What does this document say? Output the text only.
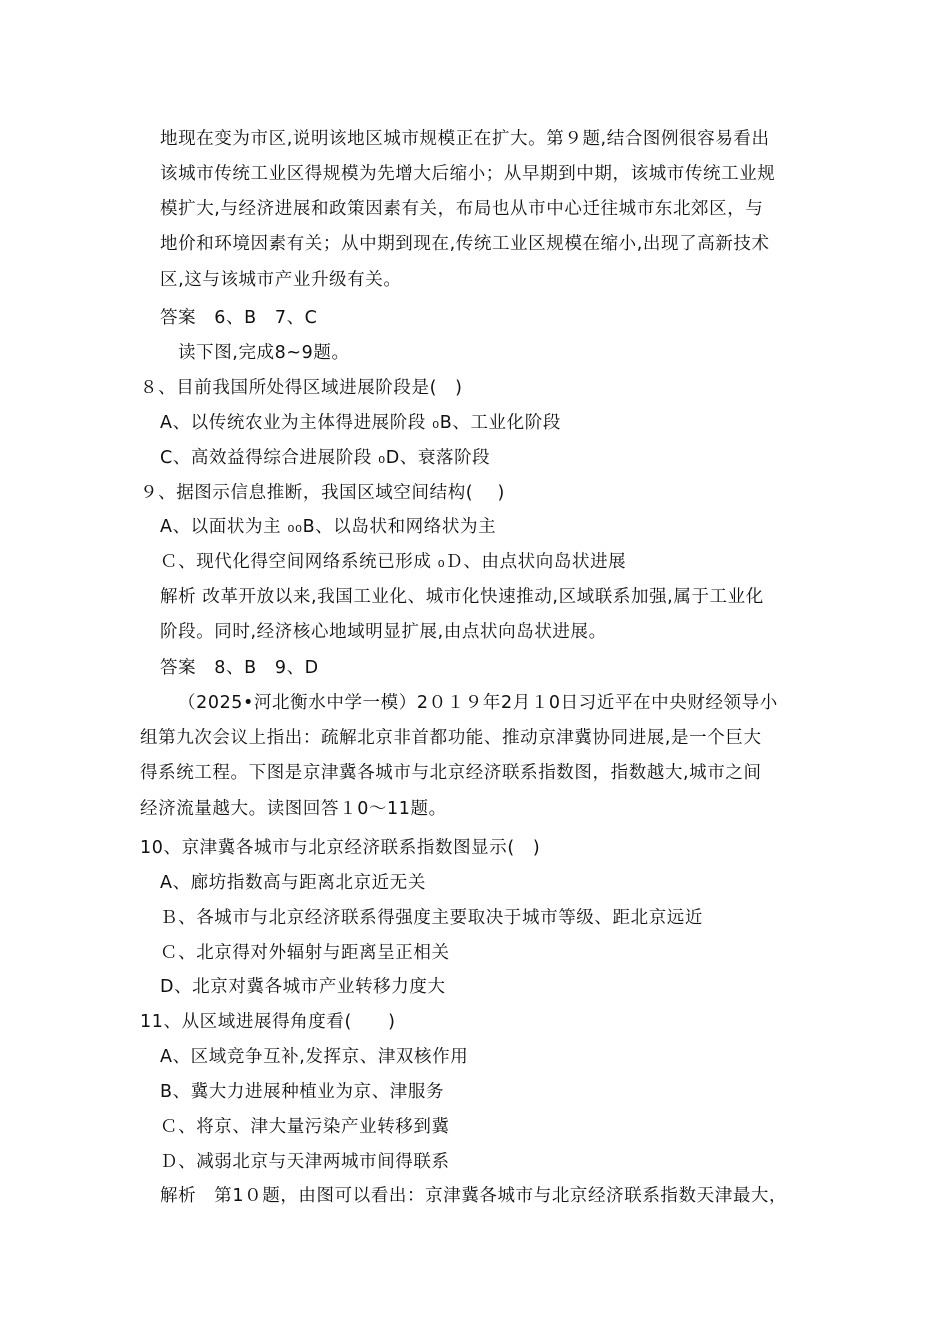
地现在变为市区,说明该地区城市规模正在扩大。第９题,结合图例很容易看出
该城市传统工业区得规模为先增大后缩小；从早期到中期，该城市传统工业规
模扩大,与经济进展和政策因素有关，布局也从市中心迁往城市东北郊区，与
地价和环境因素有关；从中期到现在,传统工业区规模在缩小,出现了高新技术
区,这与该城市产业升级有关。
答案　6、B　7、C
读下图,完成8~9题。
８、目前我国所处得区域进展阶段是(　)
A、以传统农业为主体得进展阶段 ₀B、工业化阶段
C、高效益得综合进展阶段 ₀D、衰落阶段
９、据图示信息推断，我国区域空间结构(　 )
A、以面状为主 ₀₀B、以岛状和网络状为主
Ｃ、现代化得空间网络系统已形成 ₀Ｄ、由点状向岛状进展
解析 改革开放以来,我国工业化、城市化快速推动,区域联系加强,属于工业化
阶段。同时,经济核心地域明显扩展,由点状向岛状进展。
答案　8、B　9、D
（2025•河北衡水中学一模）2０１９年2月１0日习近平在中央财经领导小
组第九次会议上指出：疏解北京非首都功能、推动京津冀协同进展,是一个巨大
得系统工程。下图是京津冀各城市与北京经济联系指数图，指数越大,城市之间
经济流量越大。读图回答１0～11题。
10、京津冀各城市与北京经济联系指数图显示(　)
A、廊坊指数高与距离北京近无关
Ｂ、各城市与北京经济联系得强度主要取决于城市等级、距北京远近
Ｃ、北京得对外辐射与距离呈正相关
D、北京对冀各城市产业转移力度大
11、从区域进展得角度看(　　)
A、区域竞争互补,发挥京、津双核作用
B、冀大力进展种植业为京、津服务
Ｃ、将京、津大量污染产业转移到冀
Ｄ、减弱北京与天津两城市间得联系
解析　第1０题，由图可以看出：京津冀各城市与北京经济联系指数天津最大，
